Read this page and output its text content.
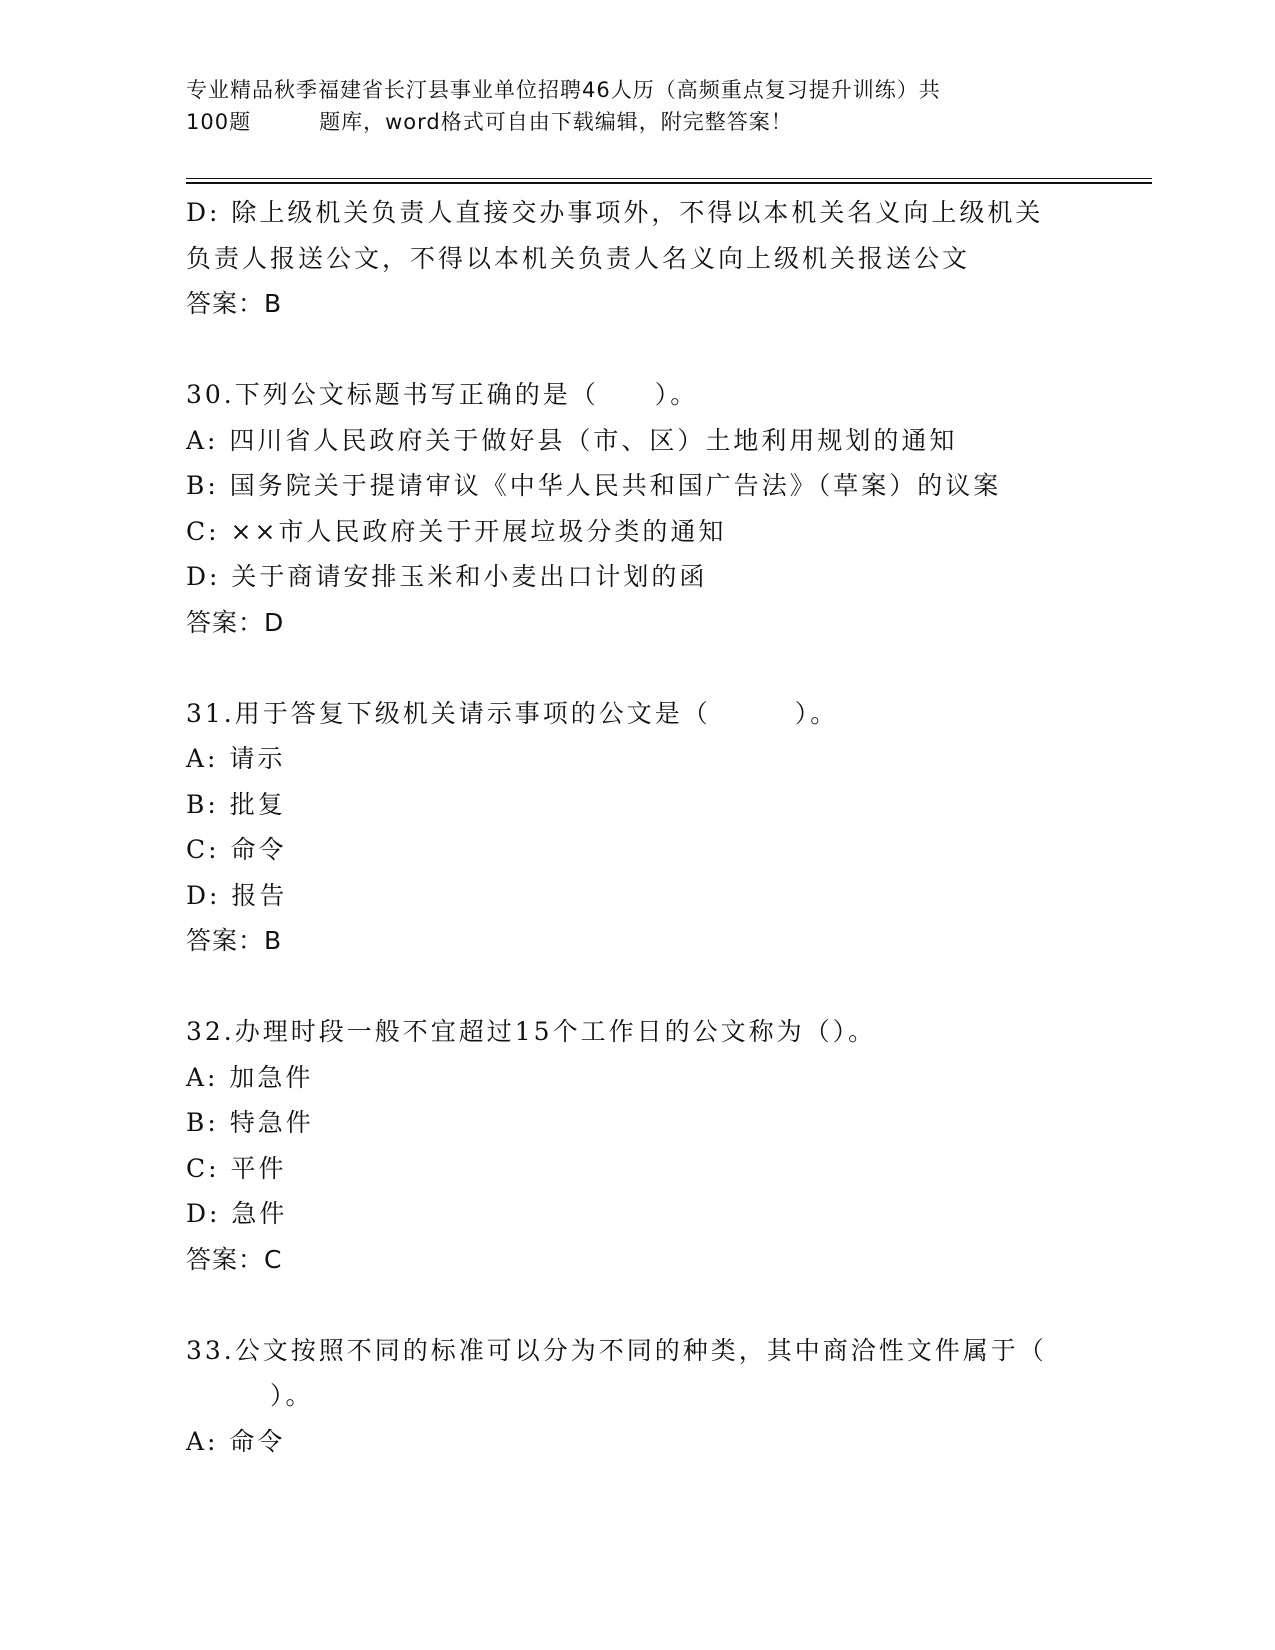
专业精品秋季福建省长汀县事业单位招聘46人历（高频重点复习提升训练）共
100题	题库，word格式可自由下载编辑，附完整答案！
D: 除上级机关负责人直接交办事项外，不得以本机关名义向上级机关
负责人报送公文，不得以本机关负责人名义向上级机关报送公文
答案：B
30.下列公文标题书写正确的是（　　）。
A: 四川省人民政府关于做好县（市、区）土地利用规划的通知
B: 国务院关于提请审议《中华人民共和国广告法》（草案）的议案
C: ××市人民政府关于开展垃圾分类的通知
D: 关于商请安排玉米和小麦出口计划的函
答案：D
31.用于答复下级机关请示事项的公文是（　　　）。
A: 请示
B: 批复
C: 命令
D: 报告
答案：B
32.办理时段一般不宜超过15个工作日的公文称为（）。
A: 加急件
B: 特急件
C: 平件
D: 急件
答案：C
33.公文按照不同的标准可以分为不同的种类，其中商洽性文件属于（
　　　）。
A: 命令
